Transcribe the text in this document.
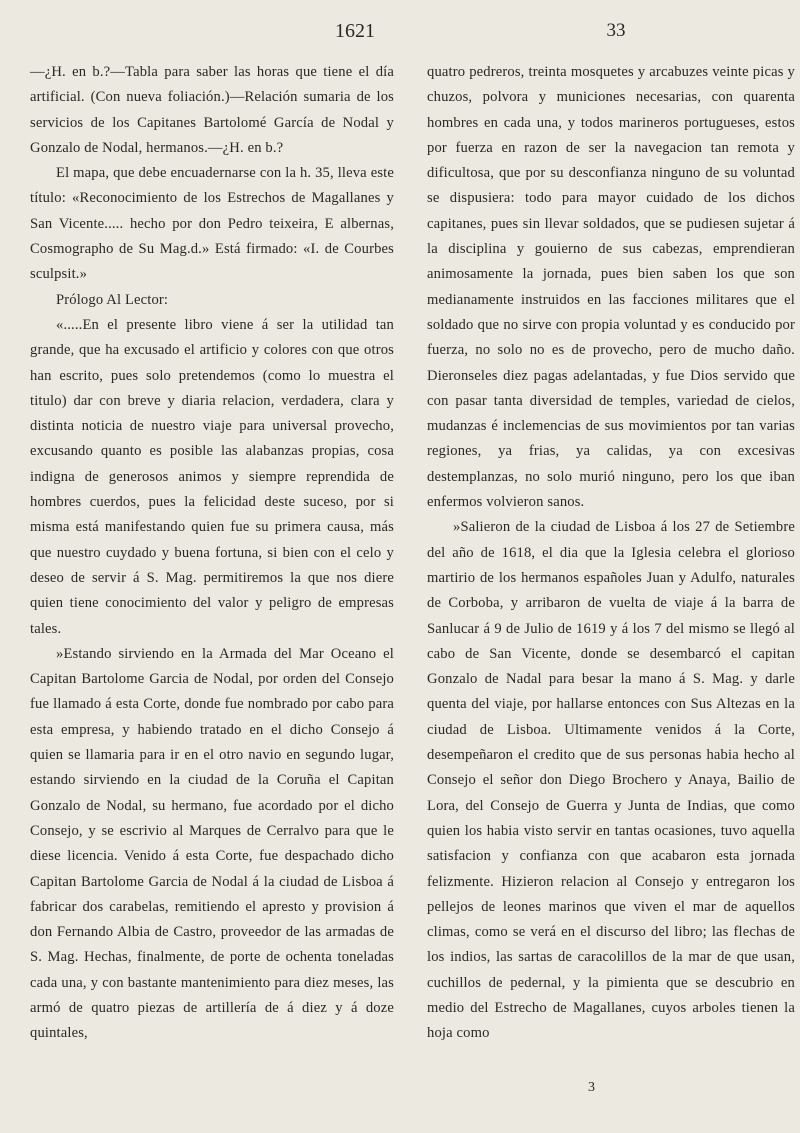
1621	33

—¿H. en b.?—Tabla para saber las horas que tiene el día artificial. (Con nueva foliación.)—Relación sumaria de los servicios de los Capitanes Bartolomé García de Nodal y Gonzalo de Nodal, hermanos.—¿H. en b.?

El mapa, que debe encuadernarse con la h. 35, lleva este título: «Reconocimiento de los Estrechos de Magallanes y San Vicente..... hecho por don Pedro teixeira, E albernas, Cosmographo de Su Mag.d.» Está firmado: «I. de Courbes sculpsit.»

Prólogo Al Lector:

«.....En el presente libro viene á ser la utilidad tan grande, que ha excusado el artificio y colores con que otros han escrito, pues solo pretendemos (como lo muestra el titulo) dar con breve y diaria relacion, verdadera, clara y distinta noticia de nuestro viaje para universal provecho, excusando quanto es posible las alabanzas propias, cosa indigna de generosos animos y siempre reprendida de hombres cuerdos, pues la felicidad deste suceso, por si misma está manifestando quien fue su primera causa, más que nuestro cuydado y buena fortuna, si bien con el celo y deseo de servir á S. Mag. permitiremos la que nos diere quien tiene conocimiento del valor y peligro de empresas tales.

»Estando sirviendo en la Armada del Mar Oceano el Capitan Bartolome Garcia de Nodal, por orden del Consejo fue llamado á esta Corte, donde fue nombrado por cabo para esta empresa, y habiendo tratado en el dicho Consejo á quien se llamaria para ir en el otro navio en segundo lugar, estando sirviendo en la ciudad de la Coruña el Capitan Gonzalo de Nodal, su hermano, fue acordado por el dicho Consejo, y se escrivio al Marques de Cerralvo para que le diese licencia. Venido á esta Corte, fue despachado dicho Capitan Bartolome Garcia de Nodal á la ciudad de Lisboa á fabricar dos carabelas, remitiendo el apresto y provision á don Fernando Albia de Castro, proveedor de las armadas de S. Mag. Hechas, finalmente, de porte de ochenta toneladas cada una, y con bastante mantenimiento para diez meses, las armó de quatro piezas de artillería de á diez y á doze quintales,

quatro pedreros, treinta mosquetes y arcabuzes veinte picas y chuzos, polvora y municiones necesarias, con quarenta hombres en cada una, y todos marineros portugueses, estos por fuerza en razon de ser la navegacion tan remota y dificultosa, que por su desconfianza ninguno de su voluntad se dispusiera: todo para mayor cuidado de los dichos capitanes, pues sin llevar soldados, que se pudiesen sujetar á la disciplina y gouierno de sus cabezas, emprendieran animosamente la jornada, pues bien saben los que son medianamente instruidos en las facciones militares que el soldado que no sirve con propia voluntad y es conducido por fuerza, no solo no es de provecho, pero de mucho daño. Dieronseles diez pagas adelantadas, y fue Dios servido que con pasar tanta diversidad de temples, variedad de cielos, mudanzas é inclemencias de sus movimientos por tan varias regiones, ya frias, ya calidas, ya con excesivas destemplanzas, no solo murió ninguno, pero los que iban enfermos volvieron sanos.

»Salieron de la ciudad de Lisboa á los 27 de Setiembre del año de 1618, el dia que la Iglesia celebra el glorioso martirio de los hermanos españoles Juan y Adulfo, naturales de Corboba, y arribaron de vuelta de viaje á la barra de Sanlucar á 9 de Julio de 1619 y á los 7 del mismo se llegó al cabo de San Vicente, donde se desembarcó el capitan Gonzalo de Nadal para besar la mano á S. Mag. y darle quenta del viaje, por hallarse entonces con Sus Altezas en la ciudad de Lisboa. Ultimamente venidos á la Corte, desempeñaron el credito que de sus personas habia hecho al Consejo el señor don Diego Brochero y Anaya, Bailio de Lora, del Consejo de Guerra y Junta de Indias, que como quien los habia visto servir en tantas ocasiones, tuvo aquella satisfacion y confianza con que acabaron esta jornada felizmente. Hizieron relacion al Consejo y entregaron los pellejos de leones marinos que viven el mar de aquellos climas, como se verá en el discurso del libro; las flechas de los indios, las sartas de caracolillos de la mar de que usan, cuchillos de pedernal, y la pimienta que se descubrio en medio del Estrecho de Magallanes, cuyos arboles tienen la hoja como

3
